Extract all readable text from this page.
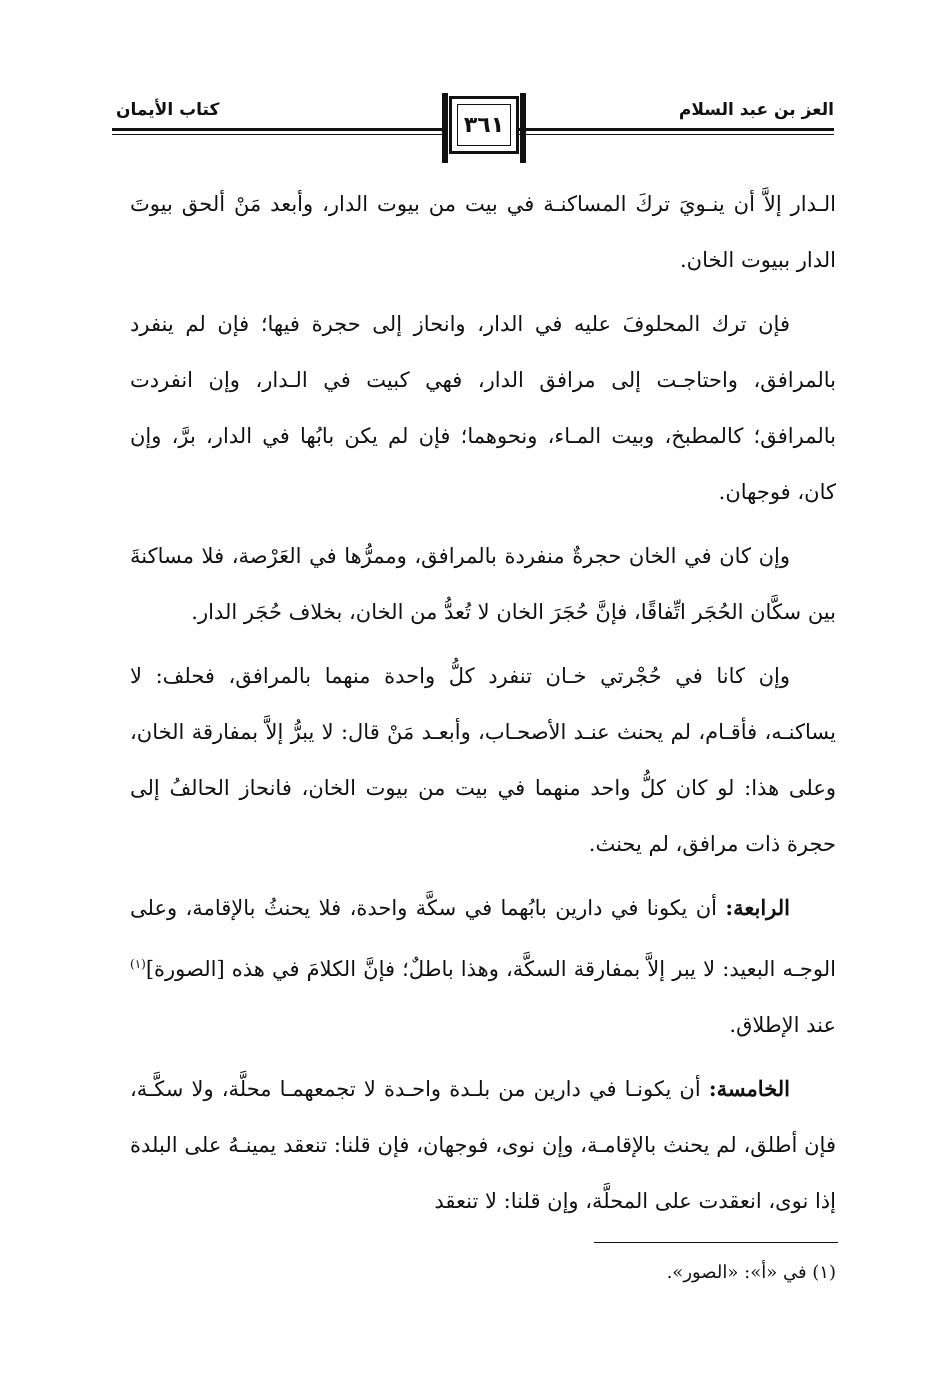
العز بن عبد السلام
كتاب الأيمان
٣٦١

الـدار إلاَّ أن ينـويَ تركَ المساكنـة في بيت من بيوت الدار، وأبعد مَنْ ألحق بيوتَ الدار ببيوت الخان.

فإن ترك المحلوفَ عليه في الدار، وانحاز إلى حجرة فيها؛ فإن لم ينفرد بالمرافق، واحتاجـت إلى مرافق الدار، فهي كبيت في الـدار، وإن انفردت بالمرافق؛ كالمطبخ، وبيت المـاء، ونحوهما؛ فإن لم يكن بابُها في الدار، برَّ، وإن كان، فوجهان.

وإن كان في الخان حجرةٌ منفردة بالمرافق، وممرُّها في العَرْصة، فلا مساكنةَ بين سكَّان الحُجَر اتِّفاقًا، فإنَّ حُجَرَ الخان لا تُعدُّ من الخان، بخلاف حُجَر الدار.

وإن كانا في حُجْرتي خـان تنفرد كلُّ واحدة منهما بالمرافق، فحلف: لا يساكنـه، فأقـام، لم يحنث عنـد الأصحـاب، وأبعـد مَنْ قال: لا يبرُّ إلاَّ بمفارقة الخان، وعلى هذا: لو كان كلُّ واحد منهما في بيت من بيوت الخان، فانحاز الحالفُ إلى حجرة ذات مرافق، لم يحنث.

الرابعة: أن يكونا في دارين بابُهما في سكَّة واحدة، فلا يحنثُ بالإقامة، وعلى الوجـه البعيد: لا يبر إلاَّ بمفارقة السكَّة، وهذا باطلٌ؛ فإنَّ الكلامَ في هذه [الصورة]$^{(١)}$ عند الإطلاق.

الخامسة: أن يكونـا في دارين من بلـدة واحـدة لا تجمعهمـا محلَّة، ولا سكَّـة، فإن أطلق، لم يحنث بالإقامـة، وإن نوى، فوجهان، فإن قلنا: تنعقد يمينـهُ على البلدة إذا نوى، انعقدت على المحلَّة، وإن قلنا: لا تنعقد

(١) في «أ»: «الصور».
